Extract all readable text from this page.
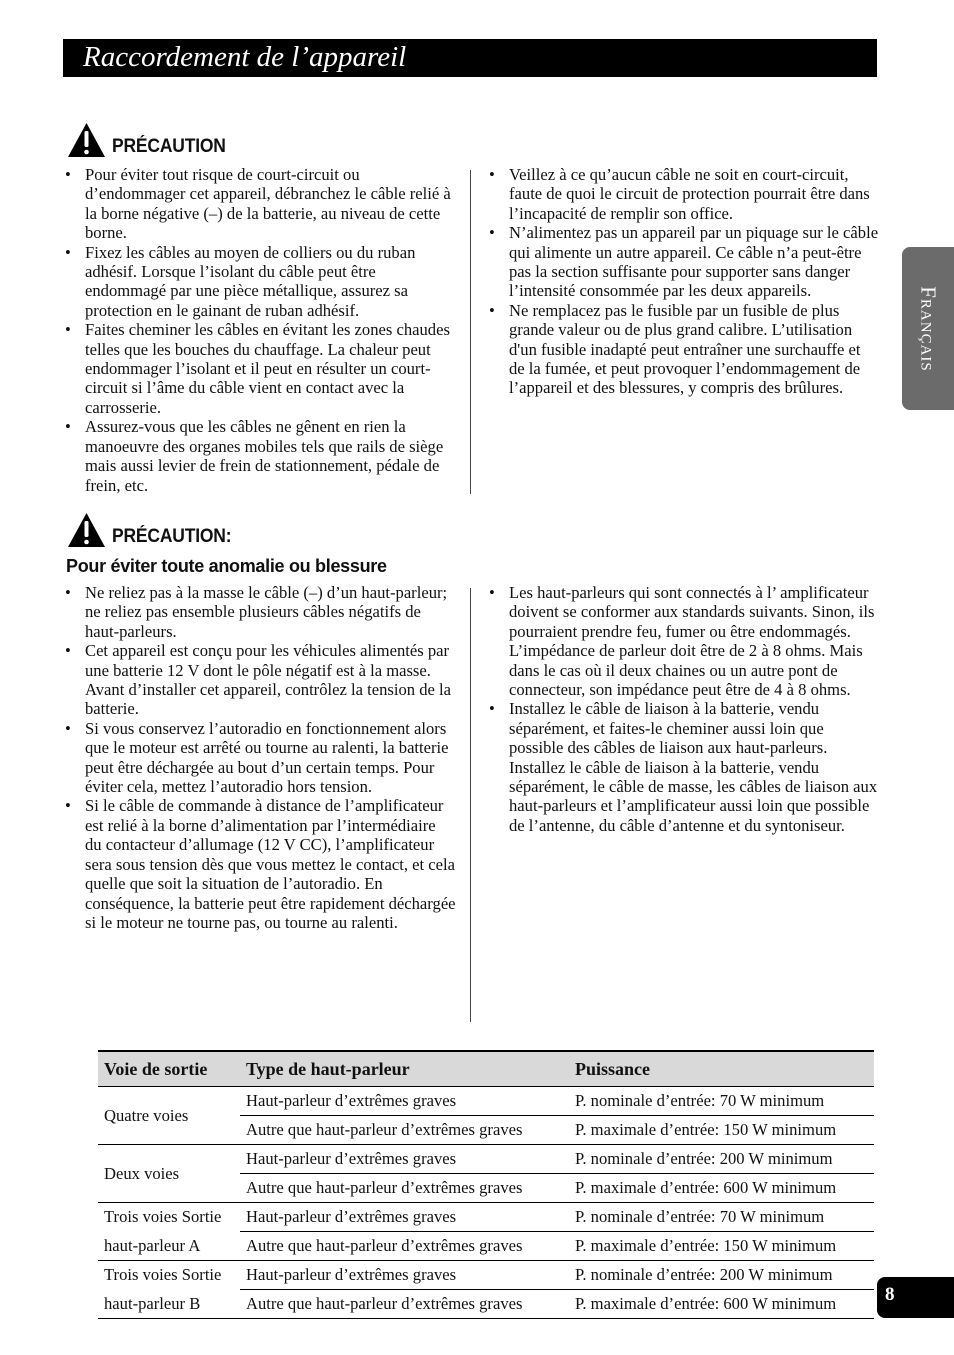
Raccordement de l’appareil
Français
8
PRÉCAUTION
• Pour éviter tout risque de court-circuit ou d’endommager cet appareil, débranchez le câble relié à la borne négative (–) de la batterie, au niveau de cette borne.
• Fixez les câbles au moyen de colliers ou du ruban adhésif. Lorsque l’isolant du câble peut être endommagé par une pièce métallique, assurez sa protection en le gainant de ruban adhésif.
• Faites cheminer les câbles en évitant les zones chaudes telles que les bouches du chauffage. La chaleur peut endommager l’isolant et il peut en résulter un court-circuit si l’âme du câble vient en contact avec la carrosserie.
• Assurez-vous que les câbles ne gênent en rien la manoeuvre des organes mobiles tels que rails de siège mais aussi levier de frein de stationnement, pédale de frein, etc.
• Veillez à ce qu’aucun câble ne soit en court-circuit, faute de quoi le circuit de protection pourrait être dans l’incapacité de remplir son office.
• N’alimentez pas un appareil par un piquage sur le câble qui alimente un autre appareil. Ce câble n’a peut-être pas la section suffisante pour supporter sans danger l’intensité consommée par les deux appareils.
• Ne remplacez pas le fusible par un fusible de plus grande valeur ou de plus grand calibre. L’utilisation d'un fusible inadapté peut entraîner une surchauffe et de la fumée, et peut provoquer l’endommagement de l’appareil et des blessures, y compris des brûlures.
PRÉCAUTION:
Pour éviter toute anomalie ou blessure
• Ne reliez pas à la masse le câble (–) d’un haut-parleur; ne reliez pas ensemble plusieurs câbles négatifs de haut-parleurs.
• Cet appareil est conçu pour les véhicules alimentés par une batterie 12 V dont le pôle négatif est à la masse. Avant d’installer cet appareil, contrôlez la tension de la batterie.
• Si vous conservez l’autoradio en fonctionnement alors que le moteur est arrêté ou tourne au ralenti, la batterie peut être déchargée au bout d’un certain temps. Pour éviter cela, mettez l’autoradio hors tension.
• Si le câble de commande à distance de l’amplificateur est relié à la borne d’alimentation par l’intermédiaire du contacteur d’allumage (12 V CC), l’amplificateur sera sous tension dès que vous mettez le contact, et cela quelle que soit la situation de l’autoradio. En conséquence, la batterie peut être rapidement déchargée si le moteur ne tourne pas, ou tourne au ralenti.
• Les haut-parleurs qui sont connectés à l’ amplificateur doivent se conformer aux standards suivants. Sinon, ils pourraient prendre feu, fumer ou être endommagés. L’impédance de parleur doit être de 2 à 8 ohms. Mais dans le cas où il deux chaines ou un autre pont de connecteur, son impédance peut être de 4 à 8 ohms.
• Installez le câble de liaison à la batterie, vendu séparément, et faites-le cheminer aussi loin que possible des câbles de liaison aux haut-parleurs. Installez le câble de liaison à la batterie, vendu séparément, le câble de masse, les câbles de liaison aux haut-parleurs et l’amplificateur aussi loin que possible de l’antenne, du câble d’antenne et du syntoniseur.
Voie de sortie	Type de haut-parleur	Puissance
Quatre voies	Haut-parleur d’extrêmes graves	P. nominale d’entrée: 70 W minimum
	Autre que haut-parleur d’extrêmes graves	P. maximale d’entrée: 150 W minimum
Deux voies	Haut-parleur d’extrêmes graves	P. nominale d’entrée: 200 W minimum
	Autre que haut-parleur d’extrêmes graves	P. maximale d’entrée: 600 W minimum
Trois voies Sortie	Haut-parleur d’extrêmes graves	P. nominale d’entrée: 70 W minimum
haut-parleur A	Autre que haut-parleur d’extrêmes graves	P. maximale d’entrée: 150 W minimum
Trois voies Sortie	Haut-parleur d’extrêmes graves	P. nominale d’entrée: 200 W minimum
haut-parleur B	Autre que haut-parleur d’extrêmes graves	P. maximale d’entrée: 600 W minimum
